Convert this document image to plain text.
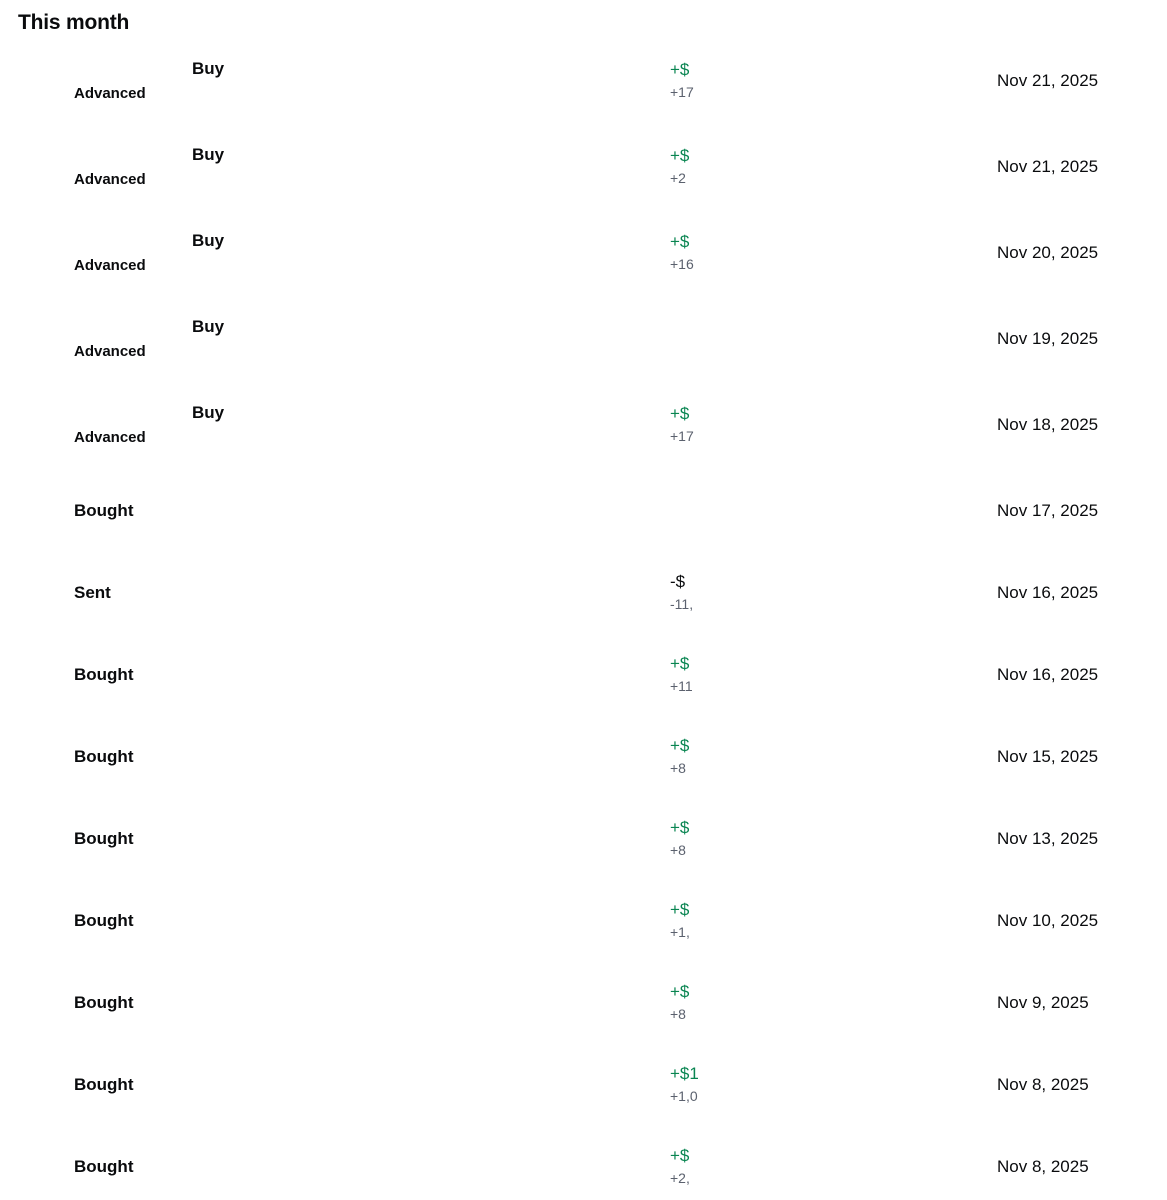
This month
Buy
Advanced
+$
+17
Nov 21, 2025
Buy
Advanced
+$
+2
Nov 21, 2025
Buy
Advanced
+$
+16
Nov 20, 2025
Buy
Advanced
Nov 19, 2025
Buy
Advanced
+$
+17
Nov 18, 2025
Bought	Nov 17, 2025
Sent
-$
-11,
Nov 16, 2025
Bought
+$
+11
Nov 16, 2025
Bought
+$
+8
Nov 15, 2025
Bought
+$
+8
Nov 13, 2025
Bought
+$
+1,
Nov 10, 2025
Bought
+$
+8
Nov 9, 2025
Bought
+$1
+1,0
Nov 8, 2025
Bought
+$
+2,
Nov 8, 2025
